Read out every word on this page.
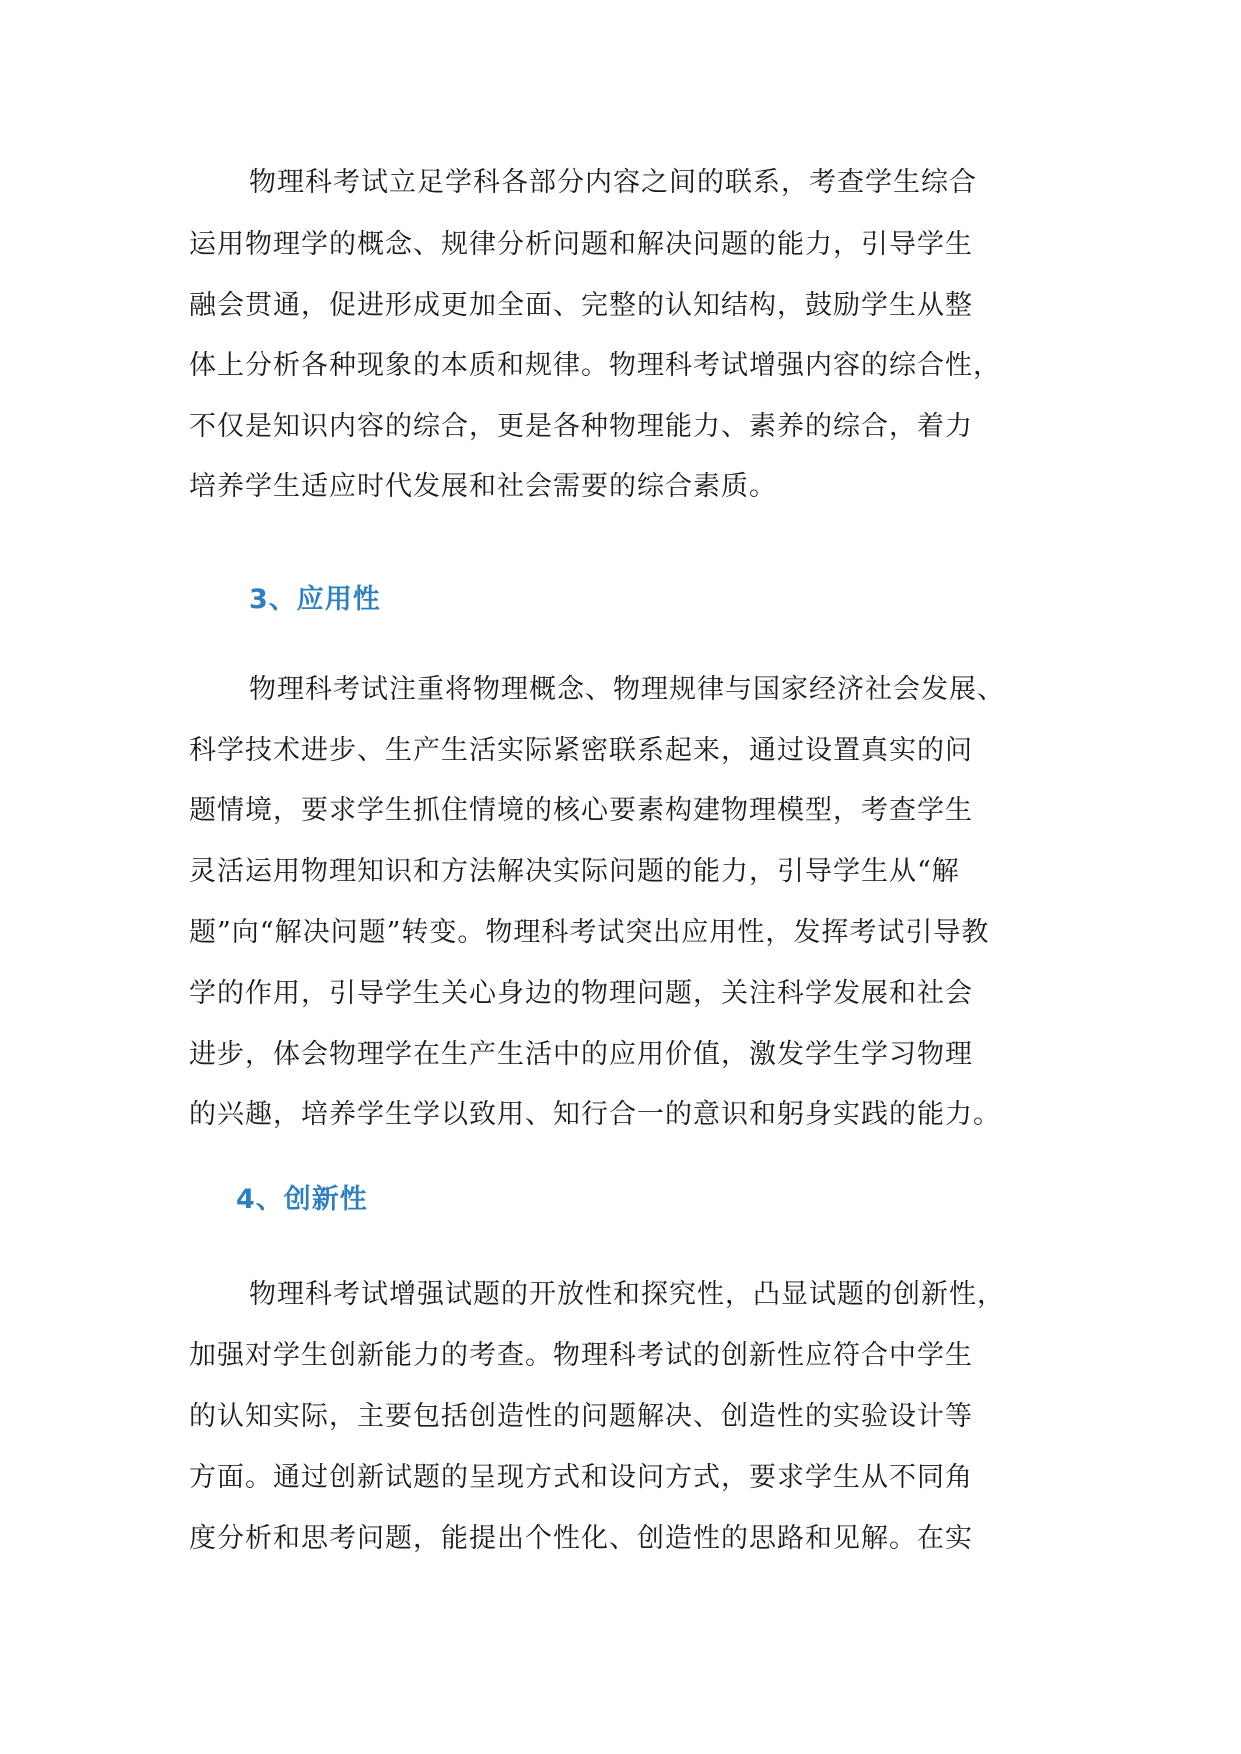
物理科考试立足学科各部分内容之间的联系，考查学生综合
运用物理学的概念、规律分析问题和解决问题的能力，引导学生
融会贯通，促进形成更加全面、完整的认知结构，鼓励学生从整
体上分析各种现象的本质和规律。物理科考试增强内容的综合性，
不仅是知识内容的综合，更是各种物理能力、素养的综合，着力
培养学生适应时代发展和社会需要的综合素质。
3、应用性
物理科考试注重将物理概念、物理规律与国家经济社会发展、
科学技术进步、生产生活实际紧密联系起来，通过设置真实的问
题情境，要求学生抓住情境的核心要素构建物理模型，考查学生
灵活运用物理知识和方法解决实际问题的能力，引导学生从“解
题”向“解决问题”转变。物理科考试突出应用性，发挥考试引导教
学的作用，引导学生关心身边的物理问题，关注科学发展和社会
进步，体会物理学在生产生活中的应用价值，激发学生学习物理
的兴趣，培养学生学以致用、知行合一的意识和躬身实践的能力。
4、创新性
物理科考试增强试题的开放性和探究性，凸显试题的创新性，
加强对学生创新能力的考查。物理科考试的创新性应符合中学生
的认知实际，主要包括创造性的问题解决、创造性的实验设计等
方面。通过创新试题的呈现方式和设问方式，要求学生从不同角
度分析和思考问题，能提出个性化、创造性的思路和见解。在实
